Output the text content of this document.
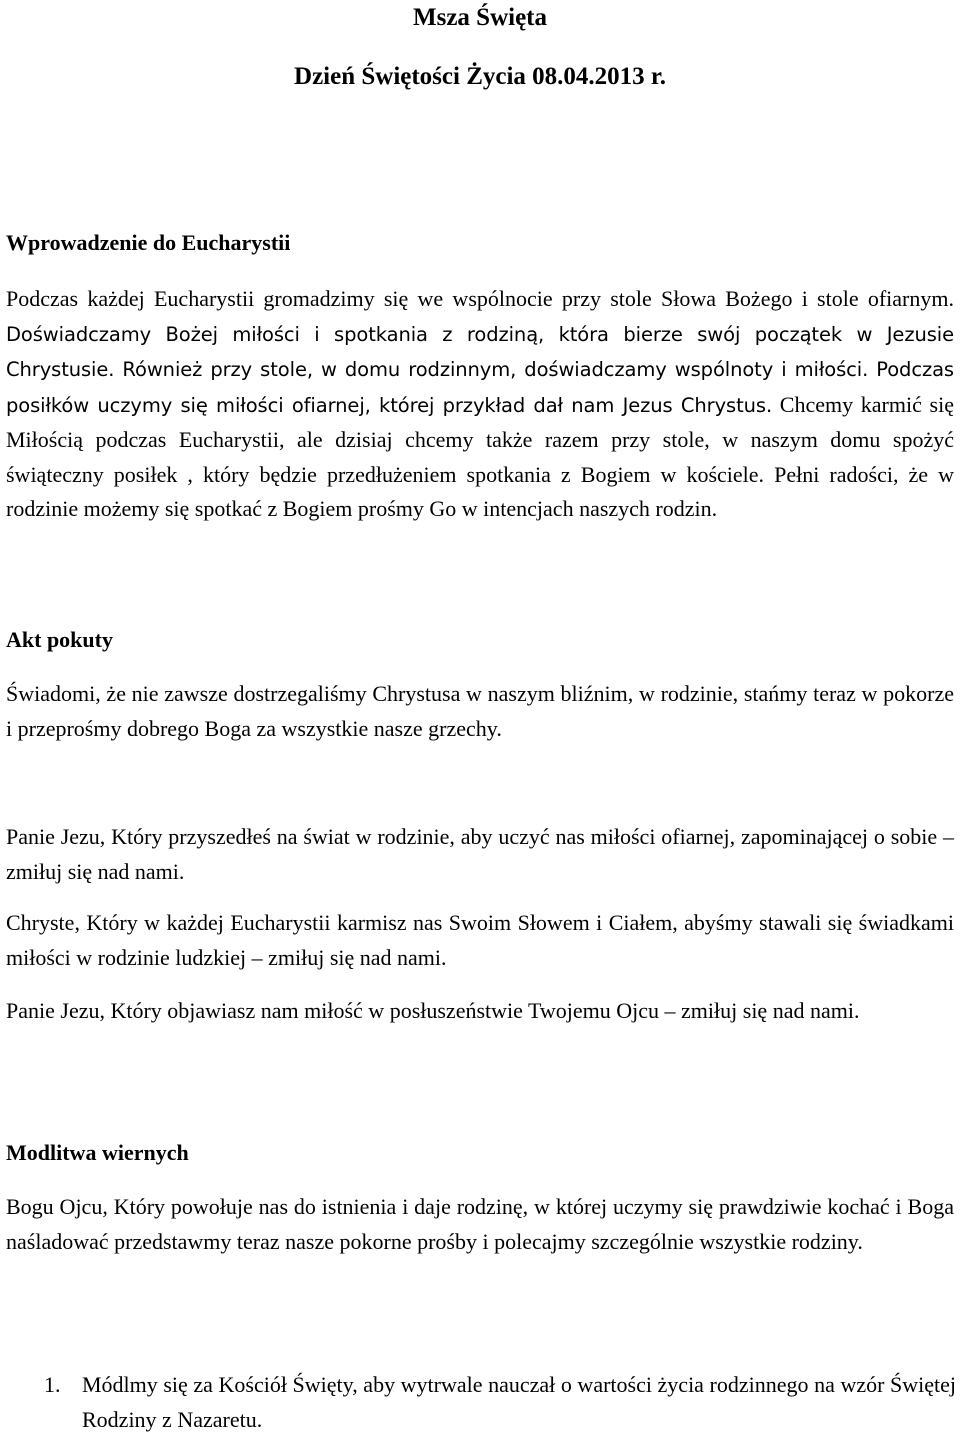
Msza Święta
Dzień Świętości Życia 08.04.2013 r.
Wprowadzenie do Eucharystii

Podczas każdej Eucharystii gromadzimy się we wspólnocie przy stole Słowa Bożego i stole ofiarnym. Doświadczamy Bożej miłości i spotkania z rodziną, która bierze swój początek w Jezusie Chrystusie. Również przy stole, w domu rodzinnym, doświadczamy wspólnoty i miłości. Podczas posiłków uczymy się miłości ofiarnej, której przykład dał nam Jezus Chrystus. Chcemy karmić się Miłością podczas Eucharystii, ale dzisiaj chcemy także razem przy stole, w naszym domu spożyć świąteczny posiłek , który będzie przedłużeniem spotkania z Bogiem w kościele. Pełni radości, że w rodzinie możemy się spotkać z Bogiem prośmy Go w intencjach naszych rodzin.

Akt pokuty

Świadomi, że nie zawsze dostrzegaliśmy Chrystusa w naszym bliźnim, w rodzinie, stańmy teraz w pokorze i przeprośmy dobrego Boga za wszystkie nasze grzechy.

Panie Jezu, Który przyszedłeś na świat w rodzinie, aby uczyć nas miłości ofiarnej, zapominającej o sobie – zmiłuj się nad nami.

Chryste, Który w każdej Eucharystii karmisz nas Swoim Słowem i Ciałem, abyśmy stawali się świadkami miłości w rodzinie ludzkiej – zmiłuj się nad nami.

Panie Jezu, Który objawiasz nam miłość w posłuszeństwie Twojemu Ojcu – zmiłuj się nad nami.

Modlitwa wiernych

Bogu Ojcu, Który powołuje nas do istnienia i daje rodzinę, w której uczymy się prawdziwie kochać i Boga naśladować przedstawmy teraz nasze pokorne prośby i polecajmy szczególnie wszystkie rodziny.

1. Módlmy się za Kościół Święty, aby wytrwale nauczał o wartości życia rodzinnego na wzór Świętej Rodziny z Nazaretu.
